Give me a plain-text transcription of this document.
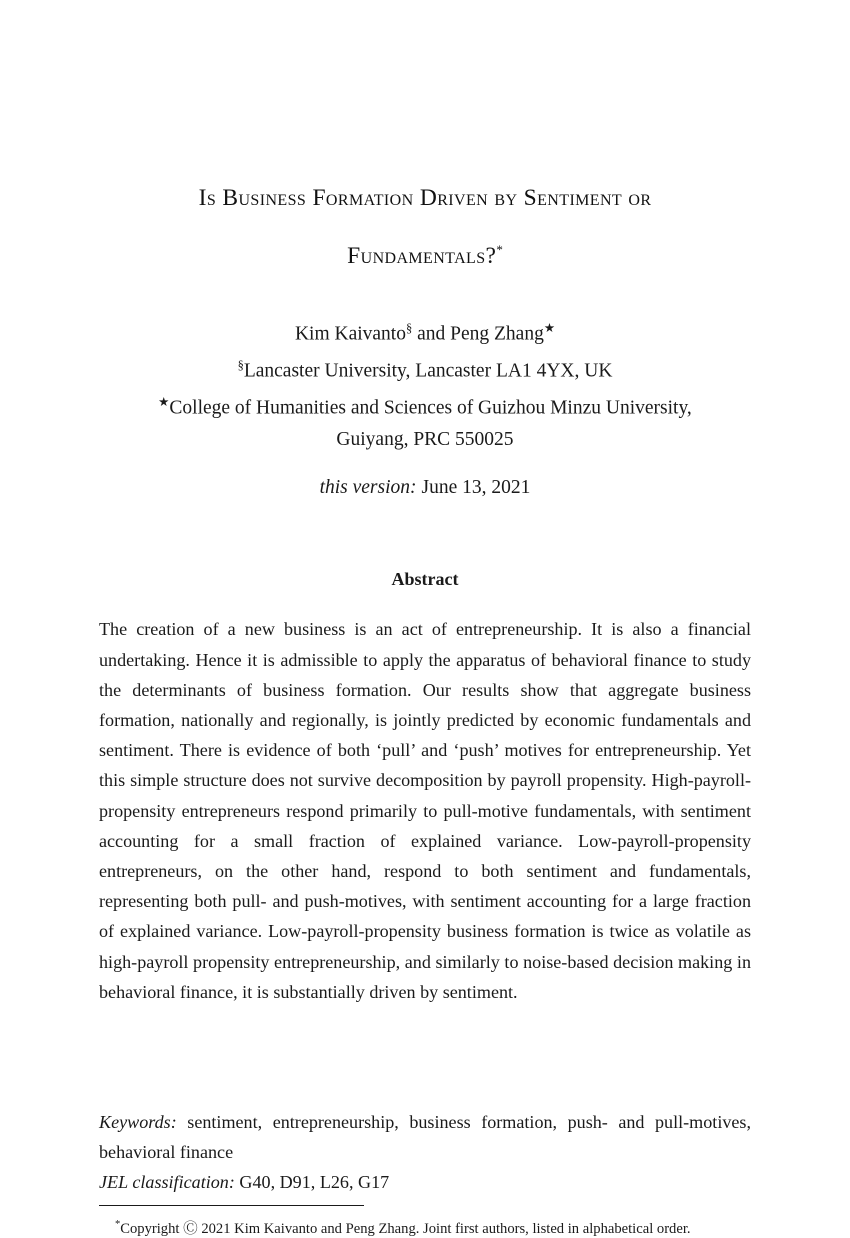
Is Business Formation Driven by Sentiment or
Fundamentals?*
Kim Kaivanto§ and Peng Zhang★
§Lancaster University, Lancaster LA1 4YX, UK
★College of Humanities and Sciences of Guizhou Minzu University,
Guiyang, PRC 550025
this version: June 13, 2021
Abstract
The creation of a new business is an act of entrepreneurship. It is also a financial undertaking. Hence it is admissible to apply the apparatus of behavioral finance to study the determinants of business formation. Our results show that aggregate business formation, nationally and regionally, is jointly predicted by economic fundamentals and sentiment. There is evidence of both ‘pull’ and ‘push’ motives for entrepreneurship. Yet this simple structure does not survive decomposition by payroll propensity. High-payroll-propensity entrepreneurs respond primarily to pull-motive fundamentals, with sentiment accounting for a small fraction of explained variance. Low-payroll-propensity entrepreneurs, on the other hand, respond to both sentiment and fundamentals, representing both pull- and push-motives, with sentiment accounting for a large fraction of explained variance. Low-payroll-propensity business formation is twice as volatile as high-payroll propensity entrepreneurship, and similarly to noise-based decision making in behavioral finance, it is substantially driven by sentiment.
Keywords: sentiment, entrepreneurship, business formation, push- and pull-motives, behavioral finance
JEL classification: G40, D91, L26, G17
*Copyright Ⓒ 2021 Kim Kaivanto and Peng Zhang. Joint first authors, listed in alphabetical order.
